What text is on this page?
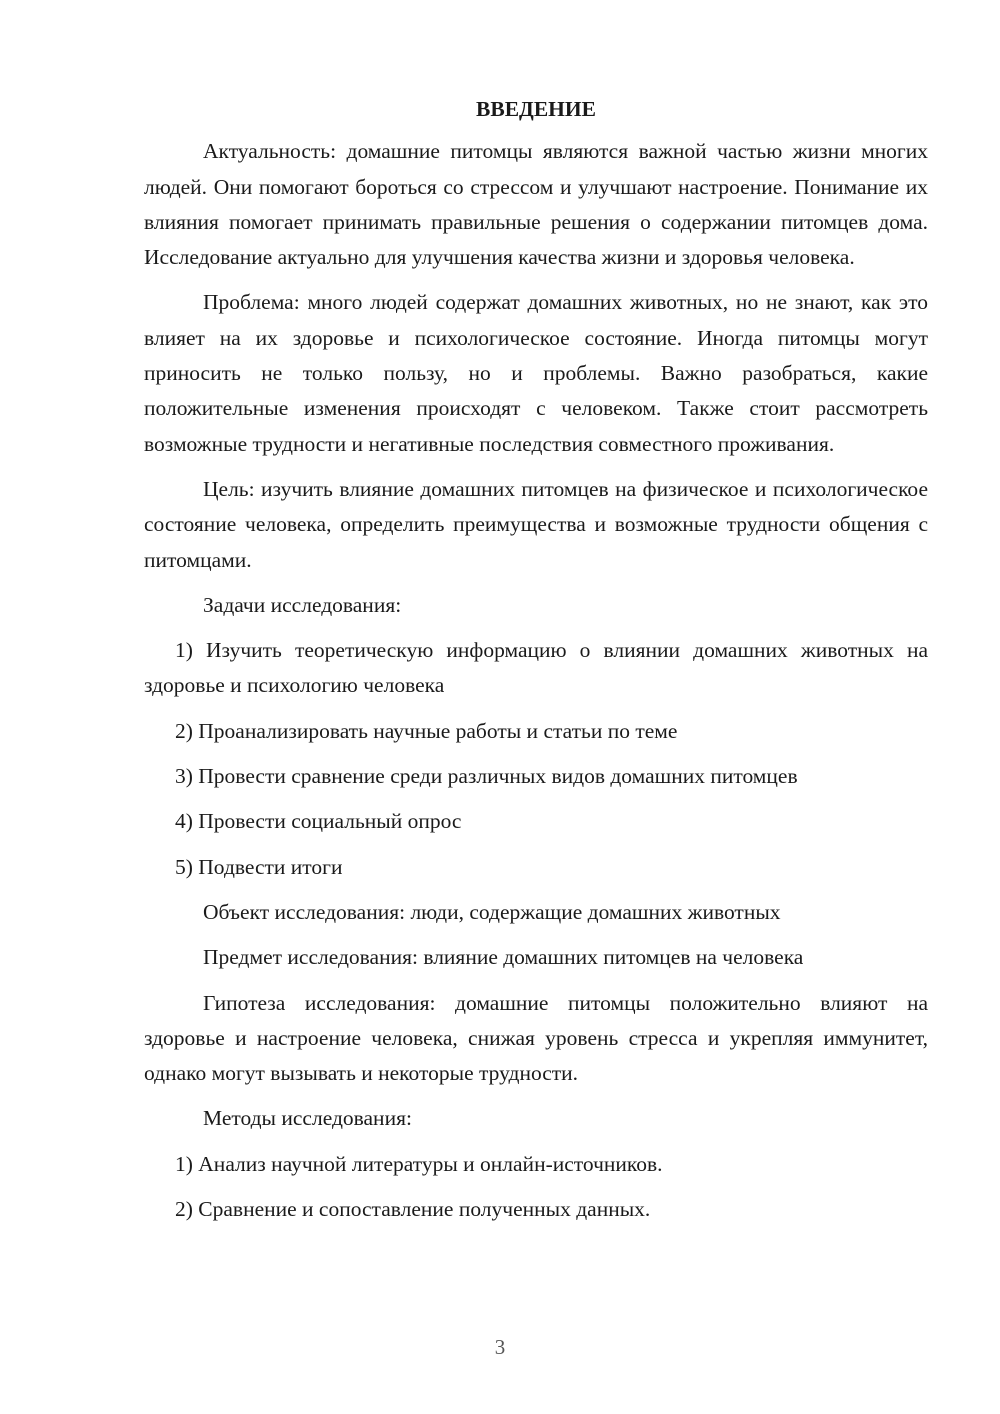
ВВЕДЕНИЕ
Актуальность: домашние питомцы являются важной частью жизни многих людей. Они помогают бороться со стрессом и улучшают настроение. Понимание их влияния помогает принимать правильные решения о содержании питомцев дома. Исследование актуально для улучшения качества жизни и здоровья человека.
Проблема: много людей содержат домашних животных, но не знают, как это влияет на их здоровье и психологическое состояние. Иногда питомцы могут приносить не только пользу, но и проблемы. Важно разобраться, какие положительные изменения происходят с человеком. Также стоит рассмотреть возможные трудности и негативные последствия совместного проживания.
Цель: изучить влияние домашних питомцев на физическое и психологическое состояние человека, определить преимущества и возможные трудности общения с питомцами.
Задачи исследования:
1) Изучить теоретическую информацию о влиянии домашних животных на здоровье и психологию человека
2) Проанализировать научные работы и статьи по теме
3) Провести сравнение среди различных видов домашних питомцев
4) Провести социальный опрос
5) Подвести итоги
Объект исследования: люди, содержащие домашних животных
Предмет исследования: влияние домашних питомцев на человека
Гипотеза исследования: домашние питомцы положительно влияют на здоровье и настроение человека, снижая уровень стресса и укрепляя иммунитет, однако могут вызывать и некоторые трудности.
Методы исследования:
1) Анализ научной литературы и онлайн-источников.
2) Сравнение и сопоставление полученных данных.
3
